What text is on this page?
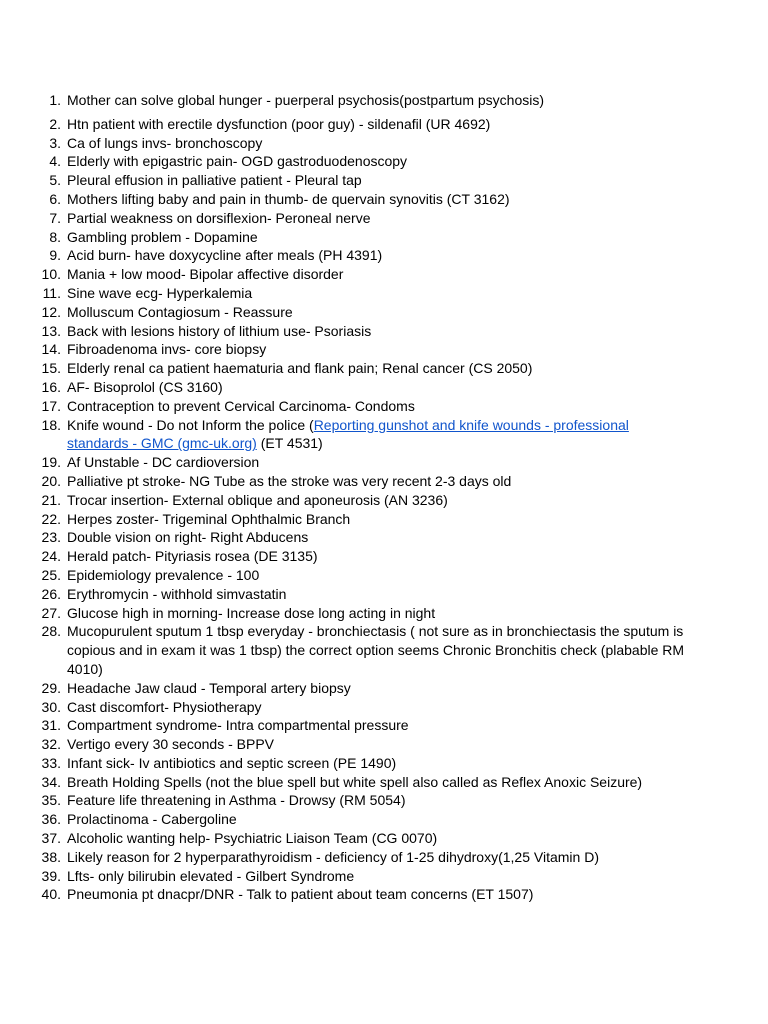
1. Mother can solve global hunger - puerperal psychosis(postpartum psychosis)
2. Htn patient with erectile dysfunction (poor guy) - sildenafil (UR 4692)
3. Ca of lungs invs- bronchoscopy
4. Elderly with epigastric pain- OGD gastroduodenoscopy
5. Pleural effusion in palliative patient - Pleural tap
6. Mothers lifting baby and pain in thumb- de quervain synovitis (CT 3162)
7. Partial weakness on dorsiflexion- Peroneal nerve
8. Gambling problem - Dopamine
9. Acid burn- have doxycycline after meals (PH 4391)
10. Mania + low mood- Bipolar affective disorder
11. Sine wave ecg- Hyperkalemia
12. Molluscum Contagiosum - Reassure
13. Back with lesions history of lithium use- Psoriasis
14. Fibroadenoma invs- core biopsy
15. Elderly renal ca patient haematuria and flank pain; Renal cancer (CS 2050)
16. AF- Bisoprolol (CS 3160)
17. Contraception to prevent Cervical Carcinoma- Condoms
18. Knife wound - Do not Inform the police (Reporting gunshot and knife wounds - professional standards - GMC (gmc-uk.org) (ET 4531)
19. Af Unstable - DC cardioversion
20. Palliative pt stroke- NG Tube as the stroke was very recent 2-3 days old
21. Trocar insertion- External oblique and aponeurosis (AN 3236)
22. Herpes zoster- Trigeminal Ophthalmic Branch
23. Double vision on right- Right Abducens
24. Herald patch- Pityriasis rosea (DE 3135)
25. Epidemiology prevalence - 100
26. Erythromycin - withhold simvastatin
27. Glucose high in morning- Increase dose long acting in night
28. Mucopurulent sputum 1 tbsp everyday - bronchiectasis ( not sure as in bronchiectasis the sputum is copious and in exam it was 1 tbsp) the correct option seems Chronic Bronchitis check (plabable RM 4010)
29. Headache Jaw claud - Temporal artery biopsy
30. Cast discomfort- Physiotherapy
31. Compartment syndrome- Intra compartmental pressure
32. Vertigo every 30 seconds - BPPV
33. Infant sick- Iv antibiotics and septic screen (PE 1490)
34. Breath Holding Spells (not the blue spell but white spell also called as Reflex Anoxic Seizure)
35. Feature life threatening in Asthma - Drowsy (RM 5054)
36. Prolactinoma - Cabergoline
37. Alcoholic wanting help- Psychiatric Liaison Team (CG 0070)
38. Likely reason for 2 hyperparathyroidism - deficiency of 1-25 dihydroxy(1,25 Vitamin D)
39. Lfts- only bilirubin elevated - Gilbert Syndrome
40. Pneumonia pt dnacpr/DNR - Talk to patient about team concerns (ET 1507)
